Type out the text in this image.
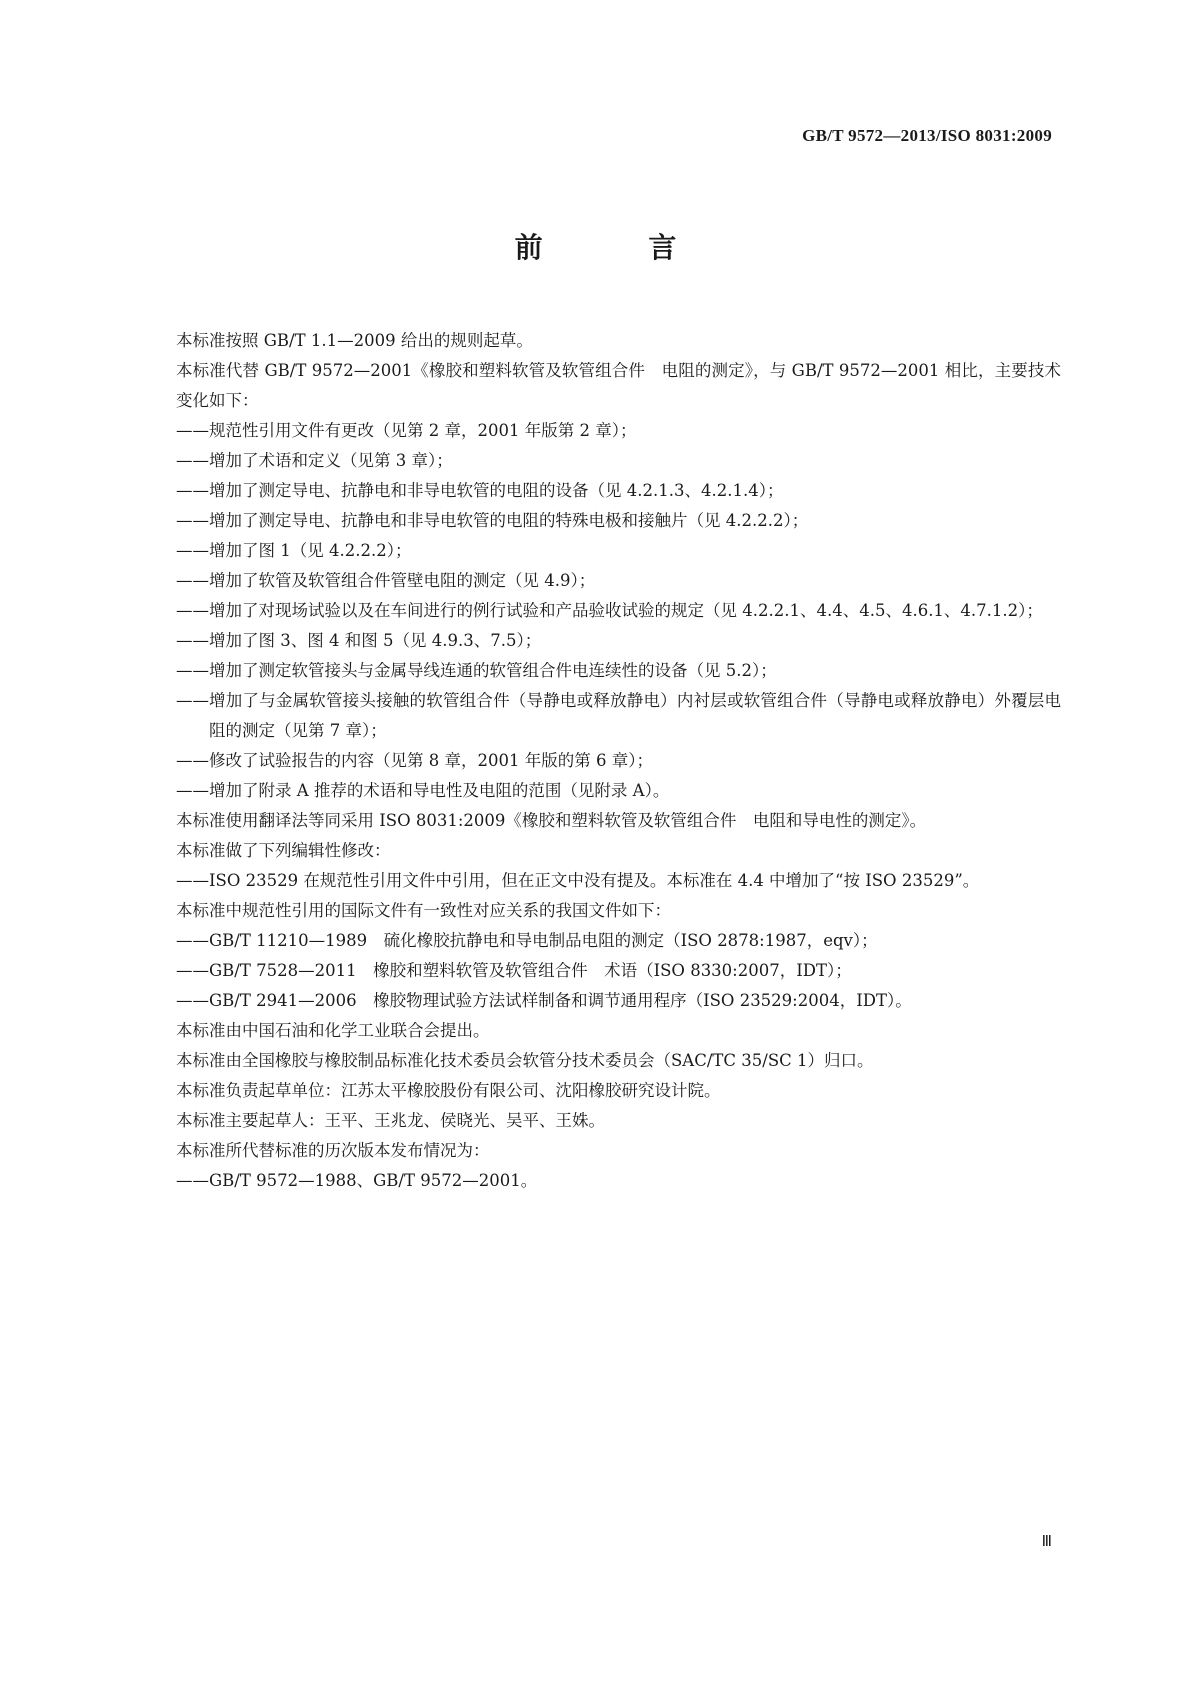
GB/T 9572—2013/ISO 8031:2009
前 言
本标准按照 GB/T 1.1—2009 给出的规则起草。
本标准代替 GB/T 9572—2001《橡胶和塑料软管及软管组合件　电阻的测定》，与 GB/T 9572—2001 相比，主要技术变化如下：
—— 规范性引用文件有更改（见第 2 章，2001 年版第 2 章）；
—— 增加了术语和定义（见第 3 章）；
—— 增加了测定导电、抗静电和非导电软管的电阻的设备（见 4.2.1.3、4.2.1.4）；
—— 增加了测定导电、抗静电和非导电软管的电阻的特殊电极和接触片（见 4.2.2.2）；
—— 增加了图 1（见 4.2.2.2）；
—— 增加了软管及软管组合件管壁电阻的测定（见 4.9）；
—— 增加了对现场试验以及在车间进行的例行试验和产品验收试验的规定（见 4.2.2.1、4.4、4.5、4.6.1、4.7.1.2）；
—— 增加了图 3、图 4 和图 5（见 4.9.3、7.5）；
—— 增加了测定软管接头与金属导线连通的软管组合件电连续性的设备（见 5.2）；
—— 增加了与金属软管接头接触的软管组合件（导静电或释放静电）内衬层或软管组合件（导静电或释放静电）外覆层电阻的测定（见第 7 章）；
—— 修改了试验报告的内容（见第 8 章，2001 年版的第 6 章）；
—— 增加了附录 A 推荐的术语和导电性及电阻的范围（见附录 A）。
本标准使用翻译法等同采用 ISO 8031:2009《橡胶和塑料软管及软管组合件　电阻和导电性的测定》。
本标准做了下列编辑性修改：
—— ISO 23529 在规范性引用文件中引用，但在正文中没有提及。本标准在 4.4 中增加了“按 ISO 23529”。
本标准中规范性引用的国际文件有一致性对应关系的我国文件如下：
—— GB/T 11210—1989　硫化橡胶抗静电和导电制品电阻的测定（ISO 2878:1987，eqv）；
—— GB/T 7528—2011　橡胶和塑料软管及软管组合件　术语（ISO 8330:2007，IDT）；
—— GB/T 2941—2006　橡胶物理试验方法试样制备和调节通用程序（ISO 23529:2004，IDT）。
本标准由中国石油和化学工业联合会提出。
本标准由全国橡胶与橡胶制品标准化技术委员会软管分技术委员会（SAC/TC 35/SC 1）归口。
本标准负责起草单位：江苏太平橡胶股份有限公司、沈阳橡胶研究设计院。
本标准主要起草人：王平、王兆龙、侯晓光、吴平、王姝。
本标准所代替标准的历次版本发布情况为：
—— GB/T 9572—1988、GB/T 9572—2001。
Ⅲ
